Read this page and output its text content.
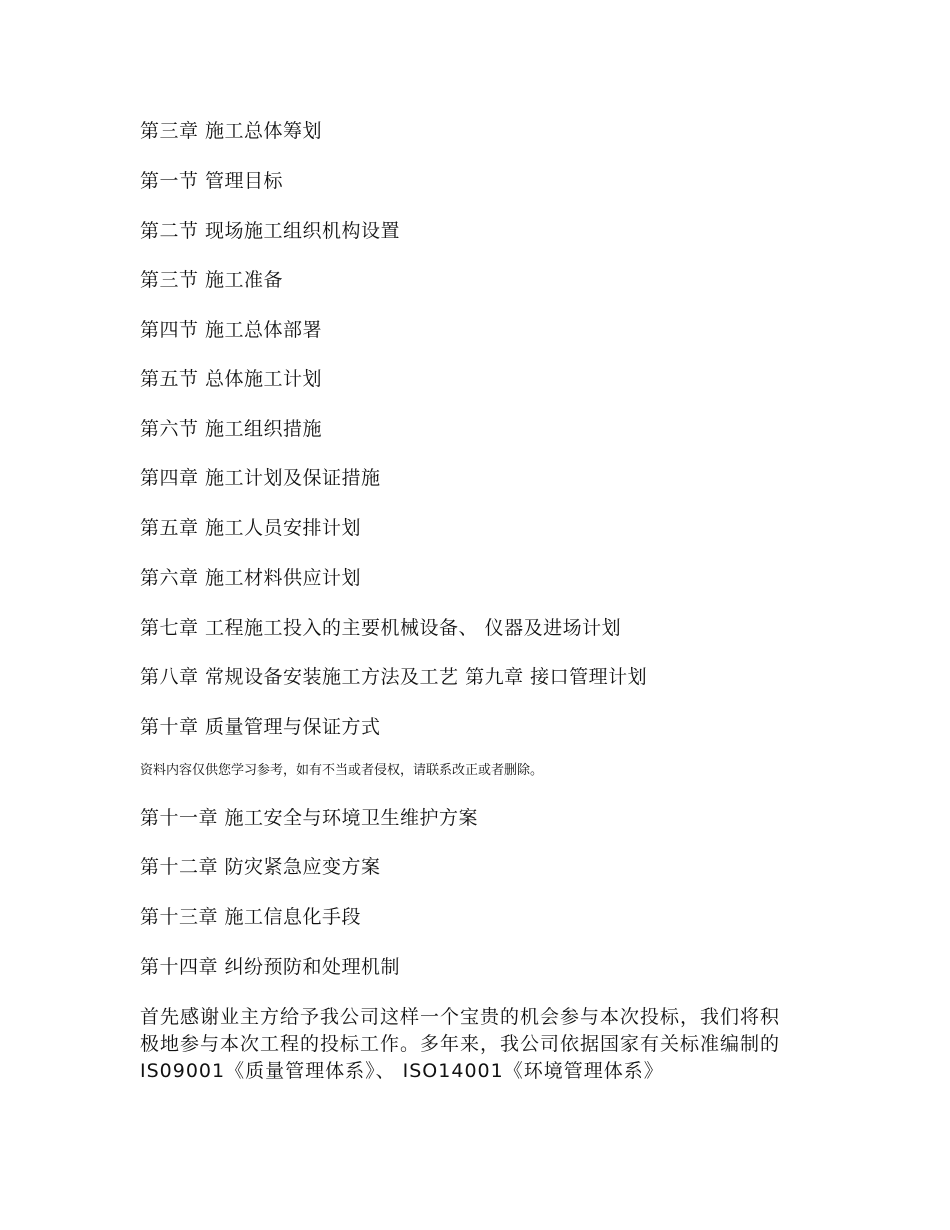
第三章 施工总体筹划
第一节 管理目标
第二节 现场施工组织机构设置
第三节 施工准备
第四节 施工总体部署
第五节 总体施工计划
第六节 施工组织措施
第四章 施工计划及保证措施
第五章 施工人员安排计划
第六章 施工材料供应计划
第七章 工程施工投入的主要机械设备、 仪器及进场计划
第八章 常规设备安装施工方法及工艺 第九章 接口管理计划
第十章 质量管理与保证方式
资料内容仅供您学习参考，如有不当或者侵权，请联系改正或者删除。
第十一章 施工安全与环境卫生维护方案
第十二章 防灾紧急应变方案
第十三章 施工信息化手段
第十四章 纠纷预防和处理机制
首先感谢业主方给予我公司这样一个宝贵的机会参与本次投标，我们将积
极地参与本次工程的投标工作。多年来，我公司依据国家有关标准编制的
IS09001《质量管理体系》、 ISO14001《环境管理体系》
